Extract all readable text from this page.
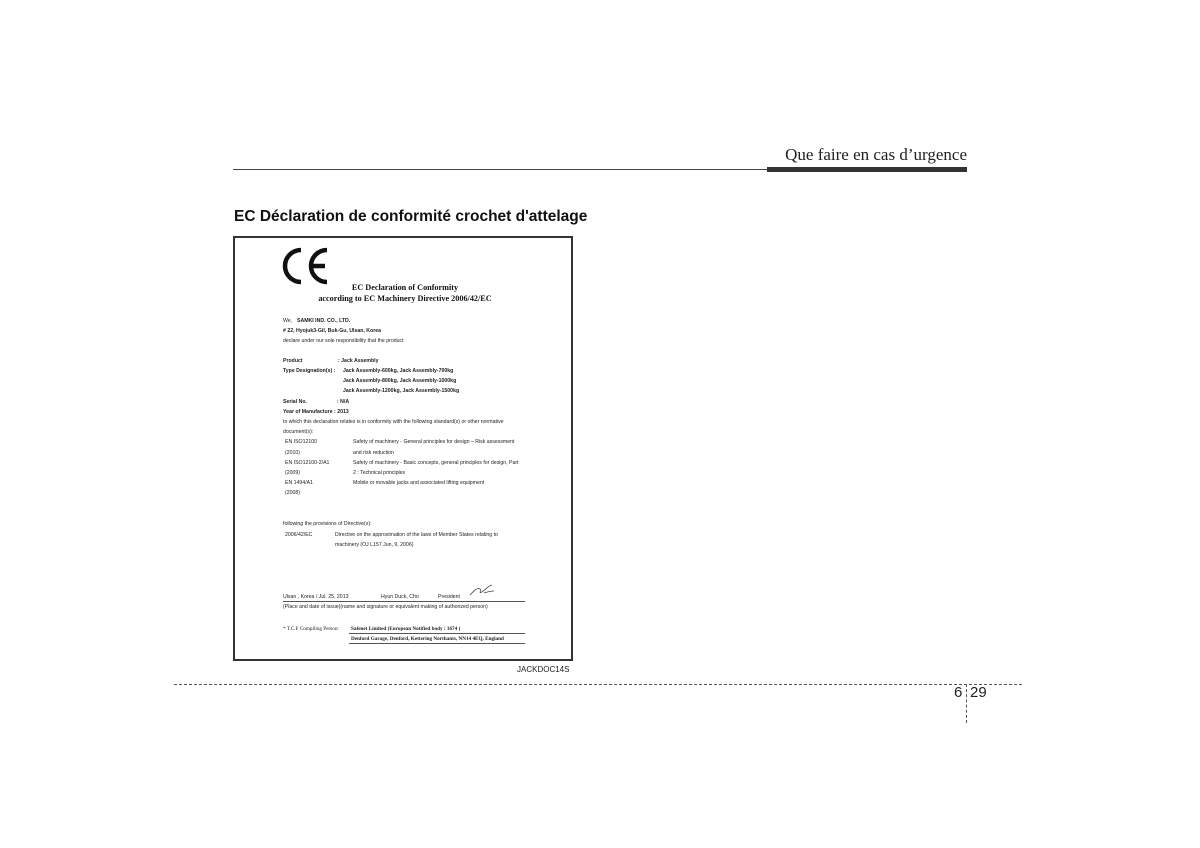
Que faire en cas d’urgence
EC Déclaration de conformité crochet d'attelage
EC Declaration of Conformity
according to EC Machinery Directive 2006/42/EC
We, SAMKI IND. CO., LTD.
# 22, Hyojuk3-Gil, Buk-Gu, Ulsan, Korea
declare under our sole responsibility that the product
Product	: Jack Assembly
Type Designation(s) : Jack Assembly-600kg, Jack Assembly-700kg
Jack Assembly-800kg, Jack Assembly-1000kg
Jack Assembly-1200kg, Jack Assembly-1500kg
Serial No.	: N/A
Year of Manufacture : 2013
to which this declaration relates is in conformity with the following standard(s) or other normative
document(s):
EN ISO12100	Safety of machinery - General principles for design – Risk assessment
(2010)	and risk reduction
EN ISO12100-2/A1	Safety of machinery - Basic concepts, general principles for design, Part
(2009)	2 : Technical principles
EN 1494/A1	Mobile or movable jacks and associated lifting equipment
(2008)
following the provisions of Directive(s):
2006/42/EC	Directive on the approximation of the laws of Member States relating to
machinery (OJ L157 Jun, 9, 2006)
Ulsan , Korea / Jul. 25, 2013	Hyun Duck, Cho	President
(Place and date of issue)(name and signature or equivalent making of authorized person)
* T.C.F Compiling Person: Safenet Limited (European Notified body : 1674 )
Denford Garage, Denford, Kettering Northants, NN14 4EQ, England
JACKDOC14S
6 29
